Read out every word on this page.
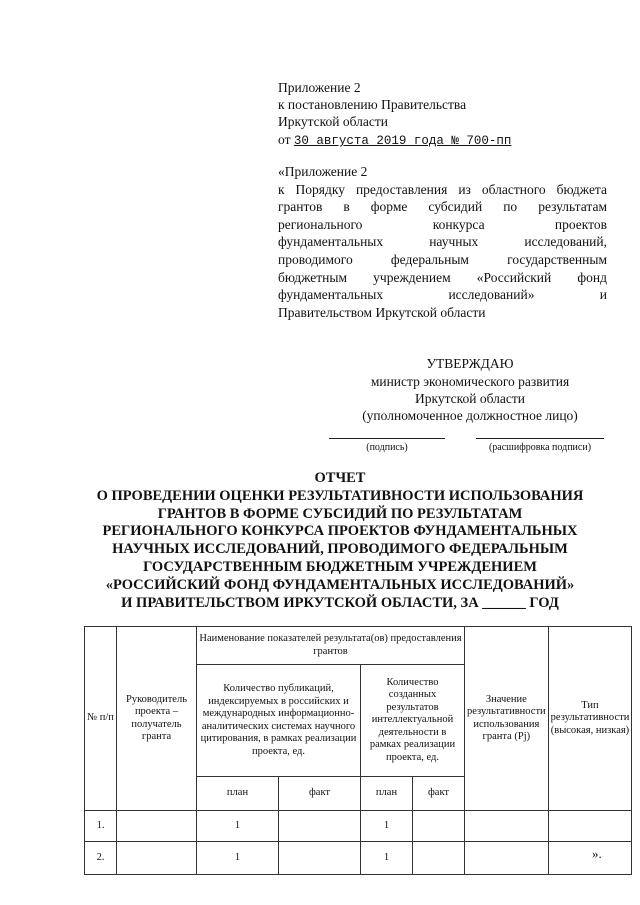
Приложение 2
к постановлению Правительства
Иркутской области
от 30 августа 2019 года № 700-пп
«Приложение 2
к Порядку предоставления из областного бюджета
грантов в форме субсидий по результатам
регионального конкурса проектов
фундаментальных научных исследований,
проводимого федеральным государственным
бюджетным учреждением «Российский фонд
фундаментальных исследований» и
Правительством Иркутской области
УТВЕРЖДАЮ
министр экономического развития
Иркутской области
(уполномоченное должностное лицо)
(подпись)	(расшифровка подписи)
ОТЧЕТ
О ПРОВЕДЕНИИ ОЦЕНКИ РЕЗУЛЬТАТИВНОСТИ ИСПОЛЬЗОВАНИЯ
ГРАНТОВ В ФОРМЕ СУБСИДИЙ ПО РЕЗУЛЬТАТАМ
РЕГИОНАЛЬНОГО КОНКУРСА ПРОЕКТОВ ФУНДАМЕНТАЛЬНЫХ
НАУЧНЫХ ИССЛЕДОВАНИЙ, ПРОВОДИМОГО ФЕДЕРАЛЬНЫМ
ГОСУДАРСТВЕННЫМ БЮДЖЕТНЫМ УЧРЕЖДЕНИЕМ
«РОССИЙСКИЙ ФОНД ФУНДАМЕНТАЛЬНЫХ ИССЛЕДОВАНИЙ»
И ПРАВИТЕЛЬСТВОМ ИРКУТСКОЙ ОБЛАСТИ, ЗА ______ ГОД
№ п/п	Руководитель проекта – получатель гранта	Наименование показателей результата(ов) предоставления грантов				Значение результативности использования гранта (Pj)	Тип результативности (высокая, низкая)
		Количество публикаций, индексируемых в российских и международных информационно-аналитических системах научного цитирования, в рамках реализации проекта, ед.		Количество созданных результатов интеллектуальной деятельности в рамках реализации проекта, ед.			
		план	факт	план	факт		
1.		1		1			
2.		1		1				».
